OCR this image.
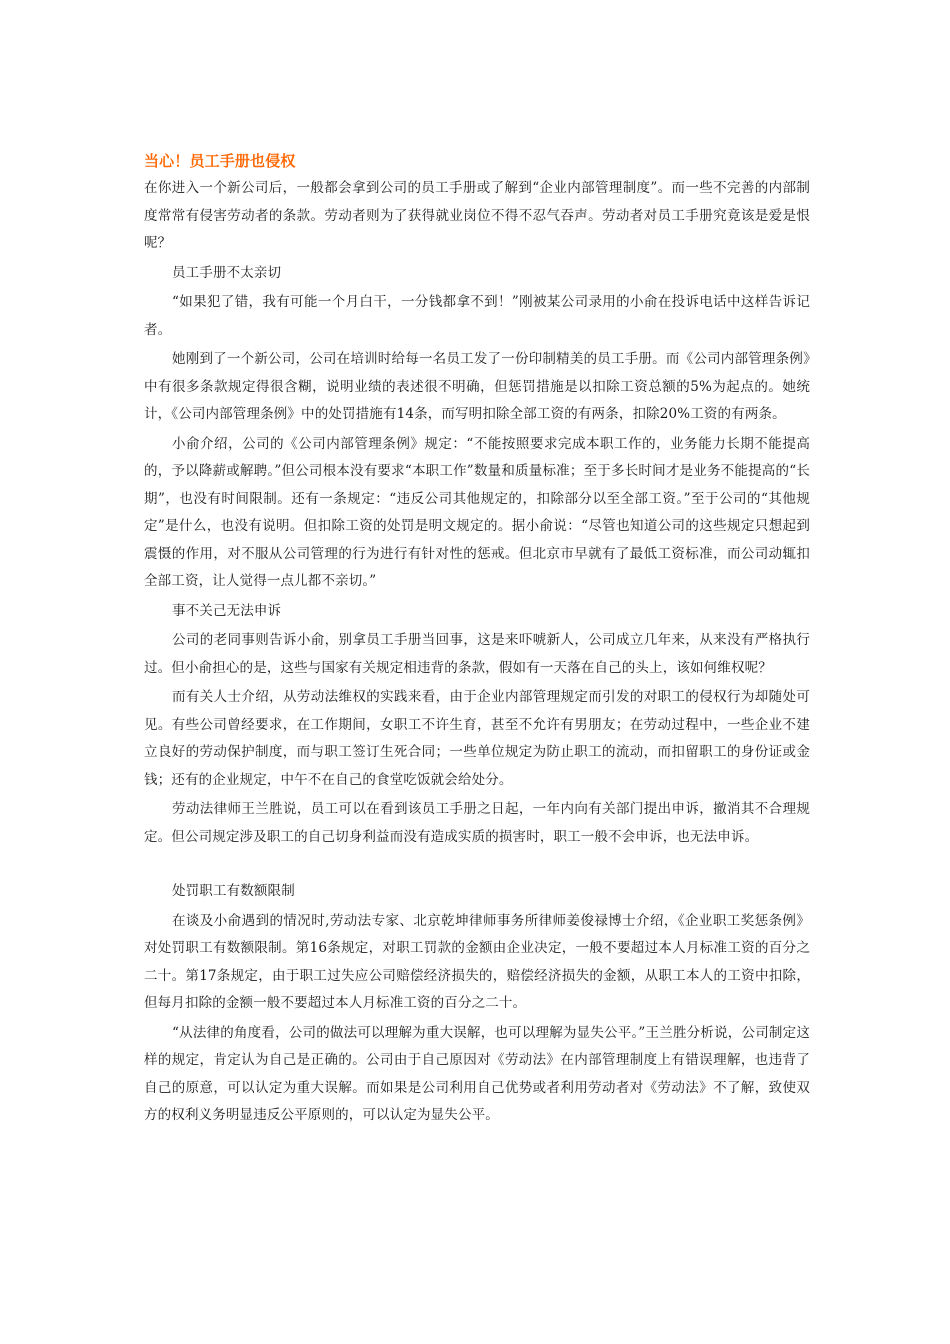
当心！员工手册也侵权

在你进入一个新公司后，一般都会拿到公司的员工手册或了解到“企业内部管理制度”。而一些不完善的内部制度常常有侵害劳动者的条款。劳动者则为了获得就业岗位不得不忍气吞声。劳动者对员工手册究竟该是爱是恨呢？

员工手册不太亲切

“如果犯了错，我有可能一个月白干，一分钱都拿不到！”刚被某公司录用的小俞在投诉电话中这样告诉记者。

她刚到了一个新公司，公司在培训时给每一名员工发了一份印制精美的员工手册。而《公司内部管理条例》中有很多条款规定得很含糊，说明业绩的表述很不明确，但惩罚措施是以扣除工资总额的5%为起点的。她统计，《公司内部管理条例》中的处罚措施有14条，而写明扣除全部工资的有两条，扣除20%工资的有两条。

小俞介绍，公司的《公司内部管理条例》规定：“不能按照要求完成本职工作的，业务能力长期不能提高的，予以降薪或解聘。”但公司根本没有要求“本职工作”数量和质量标准；至于多长时间才是业务不能提高的“长期”，也没有时间限制。还有一条规定：“违反公司其他规定的，扣除部分以至全部工资。”至于公司的“其他规定”是什么，也没有说明。但扣除工资的处罚是明文规定的。据小俞说：“尽管也知道公司的这些规定只想起到震慑的作用，对不服从公司管理的行为进行有针对性的惩戒。但北京市早就有了最低工资标准，而公司动辄扣全部工资，让人觉得一点儿都不亲切。”

事不关己无法申诉

公司的老同事则告诉小俞，别拿员工手册当回事，这是来吓唬新人，公司成立几年来，从来没有严格执行过。但小俞担心的是，这些与国家有关规定相违背的条款，假如有一天落在自己的头上，该如何维权呢？

而有关人士介绍，从劳动法维权的实践来看，由于企业内部管理规定而引发的对职工的侵权行为却随处可见。有些公司曾经要求，在工作期间，女职工不许生育，甚至不允许有男朋友；在劳动过程中，一些企业不建立良好的劳动保护制度，而与职工签订生死合同；一些单位规定为防止职工的流动，而扣留职工的身份证或金钱；还有的企业规定，中午不在自己的食堂吃饭就会给处分。

劳动法律师王兰胜说，员工可以在看到该员工手册之日起，一年内向有关部门提出申诉，撤消其不合理规定。但公司规定涉及职工的自己切身利益而没有造成实质的损害时，职工一般不会申诉，也无法申诉。

处罚职工有数额限制

在谈及小俞遇到的情况时,劳动法专家、北京乾坤律师事务所律师姜俊禄博士介绍，《企业职工奖惩条例》对处罚职工有数额限制。第16条规定，对职工罚款的金额由企业决定，一般不要超过本人月标准工资的百分之二十。第17条规定，由于职工过失应公司赔偿经济损失的，赔偿经济损失的金额，从职工本人的工资中扣除，但每月扣除的金额一般不要超过本人月标准工资的百分之二十。

“从法律的角度看，公司的做法可以理解为重大误解，也可以理解为显失公平。”王兰胜分析说，公司制定这样的规定，肯定认为自己是正确的。公司由于自己原因对《劳动法》在内部管理制度上有错误理解，也违背了自己的原意，可以认定为重大误解。而如果是公司利用自己优势或者利用劳动者对《劳动法》不了解，致使双方的权利义务明显违反公平原则的，可以认定为显失公平。
